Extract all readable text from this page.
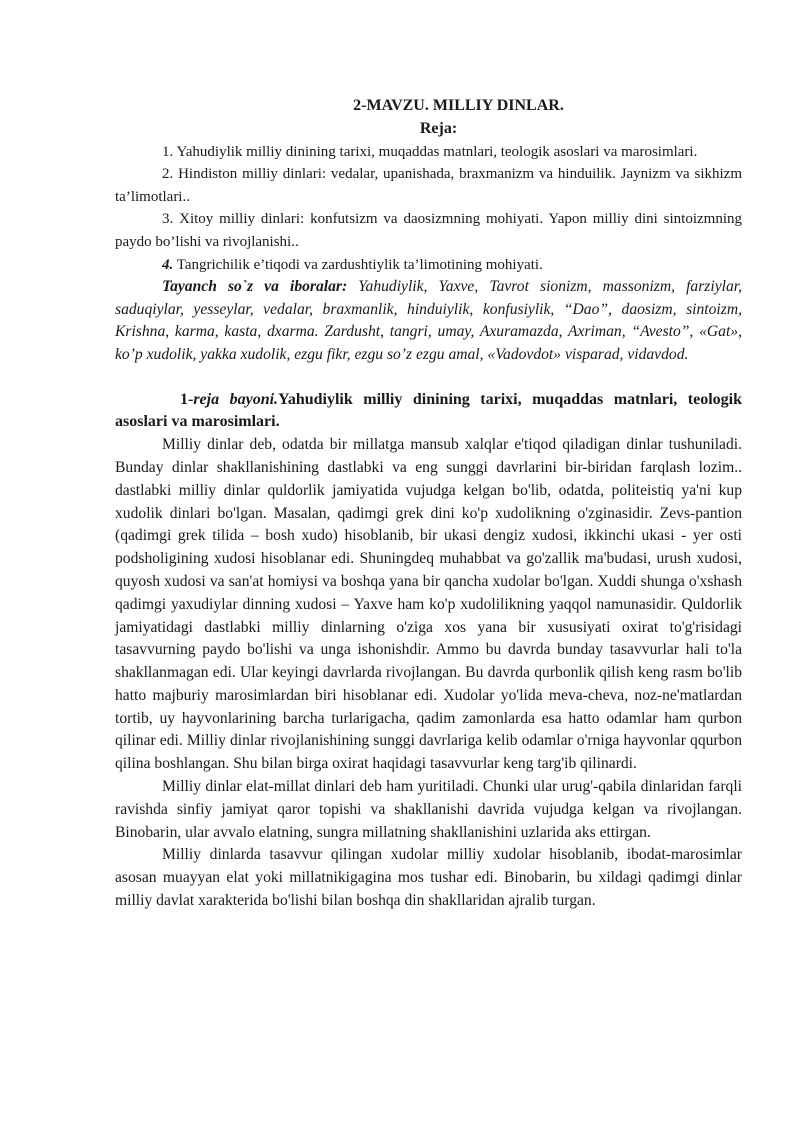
2-MAVZU. MILLIY DINLAR.

Reja:

1. Yahudiylik milliy dinining tarixi, muqaddas matnlari, teologik asoslari va marosimlari.

2. Hindiston milliy dinlari: vedalar, upanishada, braxmanizm va hinduilik. Jaynizm va sikhizm ta’limotlari..

3. Xitoy milliy dinlari: konfutsizm va daosizmning mohiyati. Yapon milliy dini sintoizmning paydo bo’lishi va rivojlanishi..

4. Tangrichilik e’tiqodi va zardushtiylik ta’limotining mohiyati.

Tayanch so`z va iboralar: Yahudiylik, Yaxve, Tavrot sionizm, massonizm, farziylar, saduqiylar, yesseylar, vedalar, braxmanlik, hinduiylik, konfusiylik, “Dao”, daosizm, sintoizm, Krishna, karma, kasta, dxarma. Zardusht, tangri, umay, Axuramazda, Axriman, “Avesto”, «Gat», ko’p xudolik, yakka xudolik, ezgu fikr, ezgu so’z ezgu amal, «Vadovdot» visparad, vidavdod.

1-reja bayoni.Yahudiylik milliy dinining tarixi, muqaddas matnlari, teologik asoslari va marosimlari.

Milliy dinlar deb, odatda bir millatga mansub xalqlar e'tiqod qiladigan dinlar tushuniladi. Bunday dinlar shakllanishining dastlabki va eng sunggi davrlarini bir-biridan farqlash lozim.. dastlabki milliy dinlar quldorlik jamiyatida vujudga kelgan bo'lib, odatda, politeistiq ya'ni kup xudolik dinlari bo'lgan. Masalan, qadimgi grek dini ko'p xudolikning o'zginasidir. Zevs-pantion (qadimgi grek tilida – bosh xudo) hisoblanib, bir ukasi dengiz xudosi, ikkinchi ukasi - yer osti podsholigining xudosi hisoblanar edi. Shuningdeq muhabbat va go'zallik ma'budasi, urush xudosi, quyosh xudosi va san'at homiysi va boshqa yana bir qancha xudolar bo'lgan. Xuddi shunga o'xshash qadimgi yaxudiylar dinning xudosi – Yaxve ham ko'p xudolilikning yaqqol namunasidir. Quldorlik jamiyatidagi dastlabki milliy dinlarning o'ziga xos yana bir xususiyati oxirat to'g'risidagi tasavvurning paydo bo'lishi va unga ishonishdir. Ammo bu davrda bunday tasavvurlar hali to'la shakllanmagan edi. Ular keyingi davrlarda rivojlangan. Bu davrda qurbonlik qilish keng rasm bo'lib hatto majburiy marosimlardan biri hisoblanar edi. Xudolar yo'lida meva-cheva, noz-ne'matlardan tortib, uy hayvonlarining barcha turlarigacha, qadim zamonlarda esa hatto odamlar ham qurbon qilinar edi. Milliy dinlar rivojlanishining sunggi davrlariga kelib odamlar o'rniga hayvonlar qqurbon qilina boshlangan. Shu bilan birga oxirat haqidagi tasavvurlar keng targ'ib qilinardi.

Milliy dinlar elat-millat dinlari deb ham yuritiladi. Chunki ular urug'-qabila dinlaridan farqli ravishda sinfiy jamiyat qaror topishi va shakllanishi davrida vujudga kelgan va rivojlangan. Binobarin, ular avvalo elatning, sungra millatning shakllanishini uzlarida aks ettirgan.

Milliy dinlarda tasavvur qilingan xudolar milliy xudolar hisoblanib, ibodat-marosimlar asosan muayyan elat yoki millatnikigagina mos tushar edi. Binobarin, bu xildagi qadimgi dinlar milliy davlat xarakterida bo'lishi bilan boshqa din shakllaridan ajralib turgan.
